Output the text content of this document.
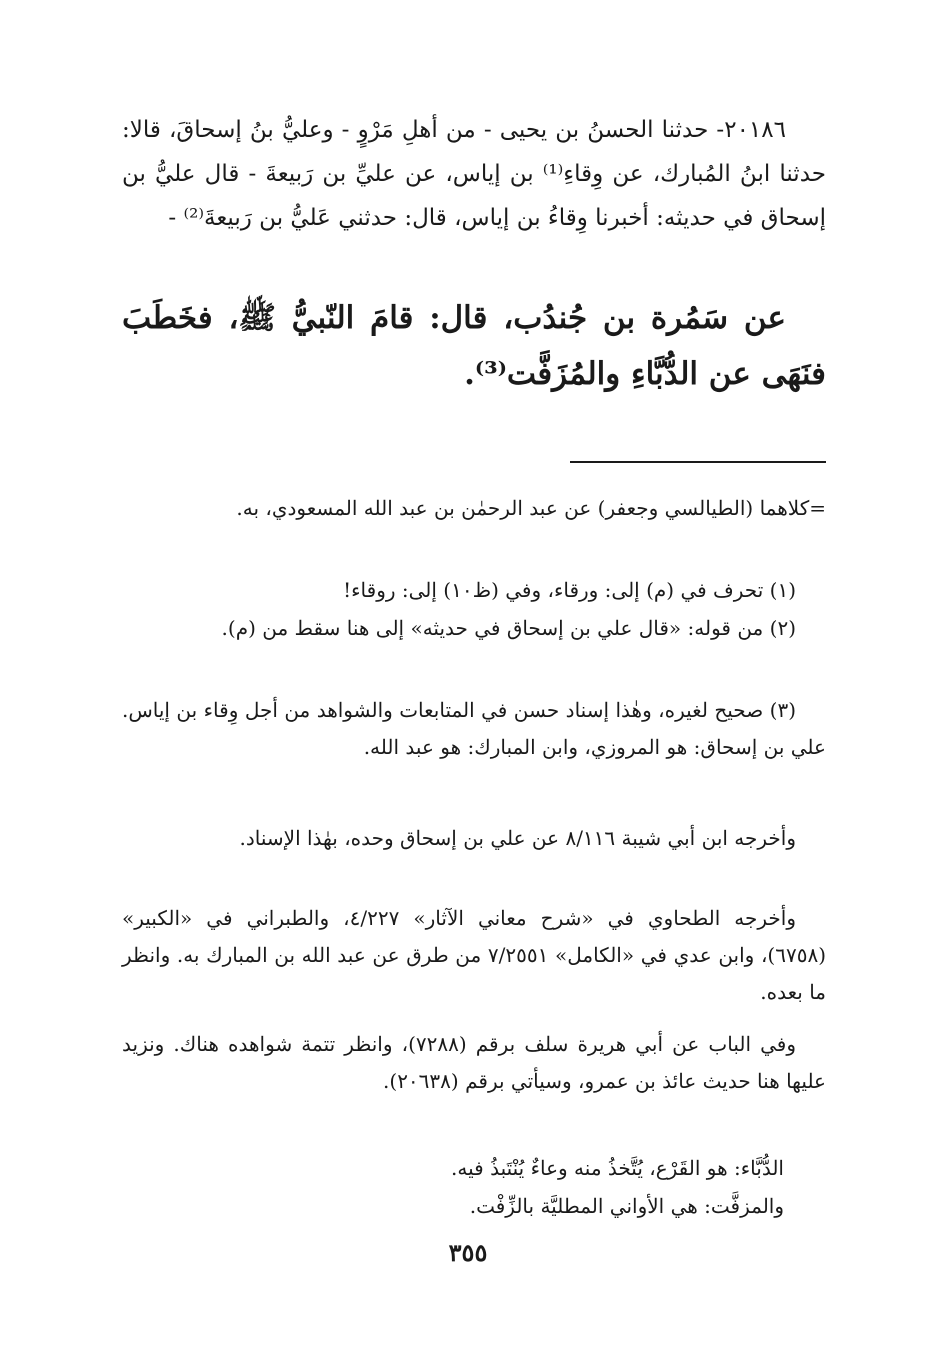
٢٠١٨٦- حدثنا الحسنُ بن يحيى - من أهلِ مَرْوٍ - وعليُّ بنُ إسحاقَ، قالا: حدثنا ابنُ المُبارك، عن وِقاءِ⁽¹⁾ بن إياس، عن عليِّ بن رَبيعةَ - قال عليُّ بن إسحاق في حديثه: أخبرنا وِقاءُ بن إياس، قال: حدثني عَليُّ بن رَبيعةَ⁽²⁾ -

عن سَمُرة بن جُندُب، قال: قامَ النّبيُّ ﷺ، فخَطَبَ فنَهَى عن الدُّبَّاءِ والمُزَفَّت⁽³⁾.

=كلاهما (الطيالسي وجعفر) عن عبد الرحمٰن بن عبد الله المسعودي، به.

(١) تحرف في (م) إلى: ورقاء، وفي (ظ١٠) إلى: روقاء!

(٢) من قوله: «قال علي بن إسحاق في حديثه» إلى هنا سقط من (م).

(٣) صحيح لغيره، وهٰذا إسناد حسن في المتابعات والشواهد من أجل وِقاء بن إياس. علي بن إسحاق: هو المروزي، وابن المبارك: هو عبد الله.

وأخرجه ابن أبي شيبة ٨/١١٦ عن علي بن إسحاق وحده، بهٰذا الإسناد.

وأخرجه الطحاوي في «شرح معاني الآثار» ٤/٢٢٧، والطبراني في «الكبير» (٦٧٥٨)، وابن عدي في «الكامل» ٧/٢٥٥١ من طرق عن عبد الله بن المبارك به. وانظر ما بعده.

وفي الباب عن أبي هريرة سلف برقم (٧٢٨٨)، وانظر تتمة شواهده هناك. ونزيد عليها هنا حديث عائذ بن عمرو، وسيأتي برقم (٢٠٦٣٨).

الدُّبَّاء: هو القَرْع، يُتَّخذُ منه وعاءٌ يُنْتَبذُ فيه.

والمزفَّت: هي الأواني المطليَّة بالزِّفْت.

٣٥٥
